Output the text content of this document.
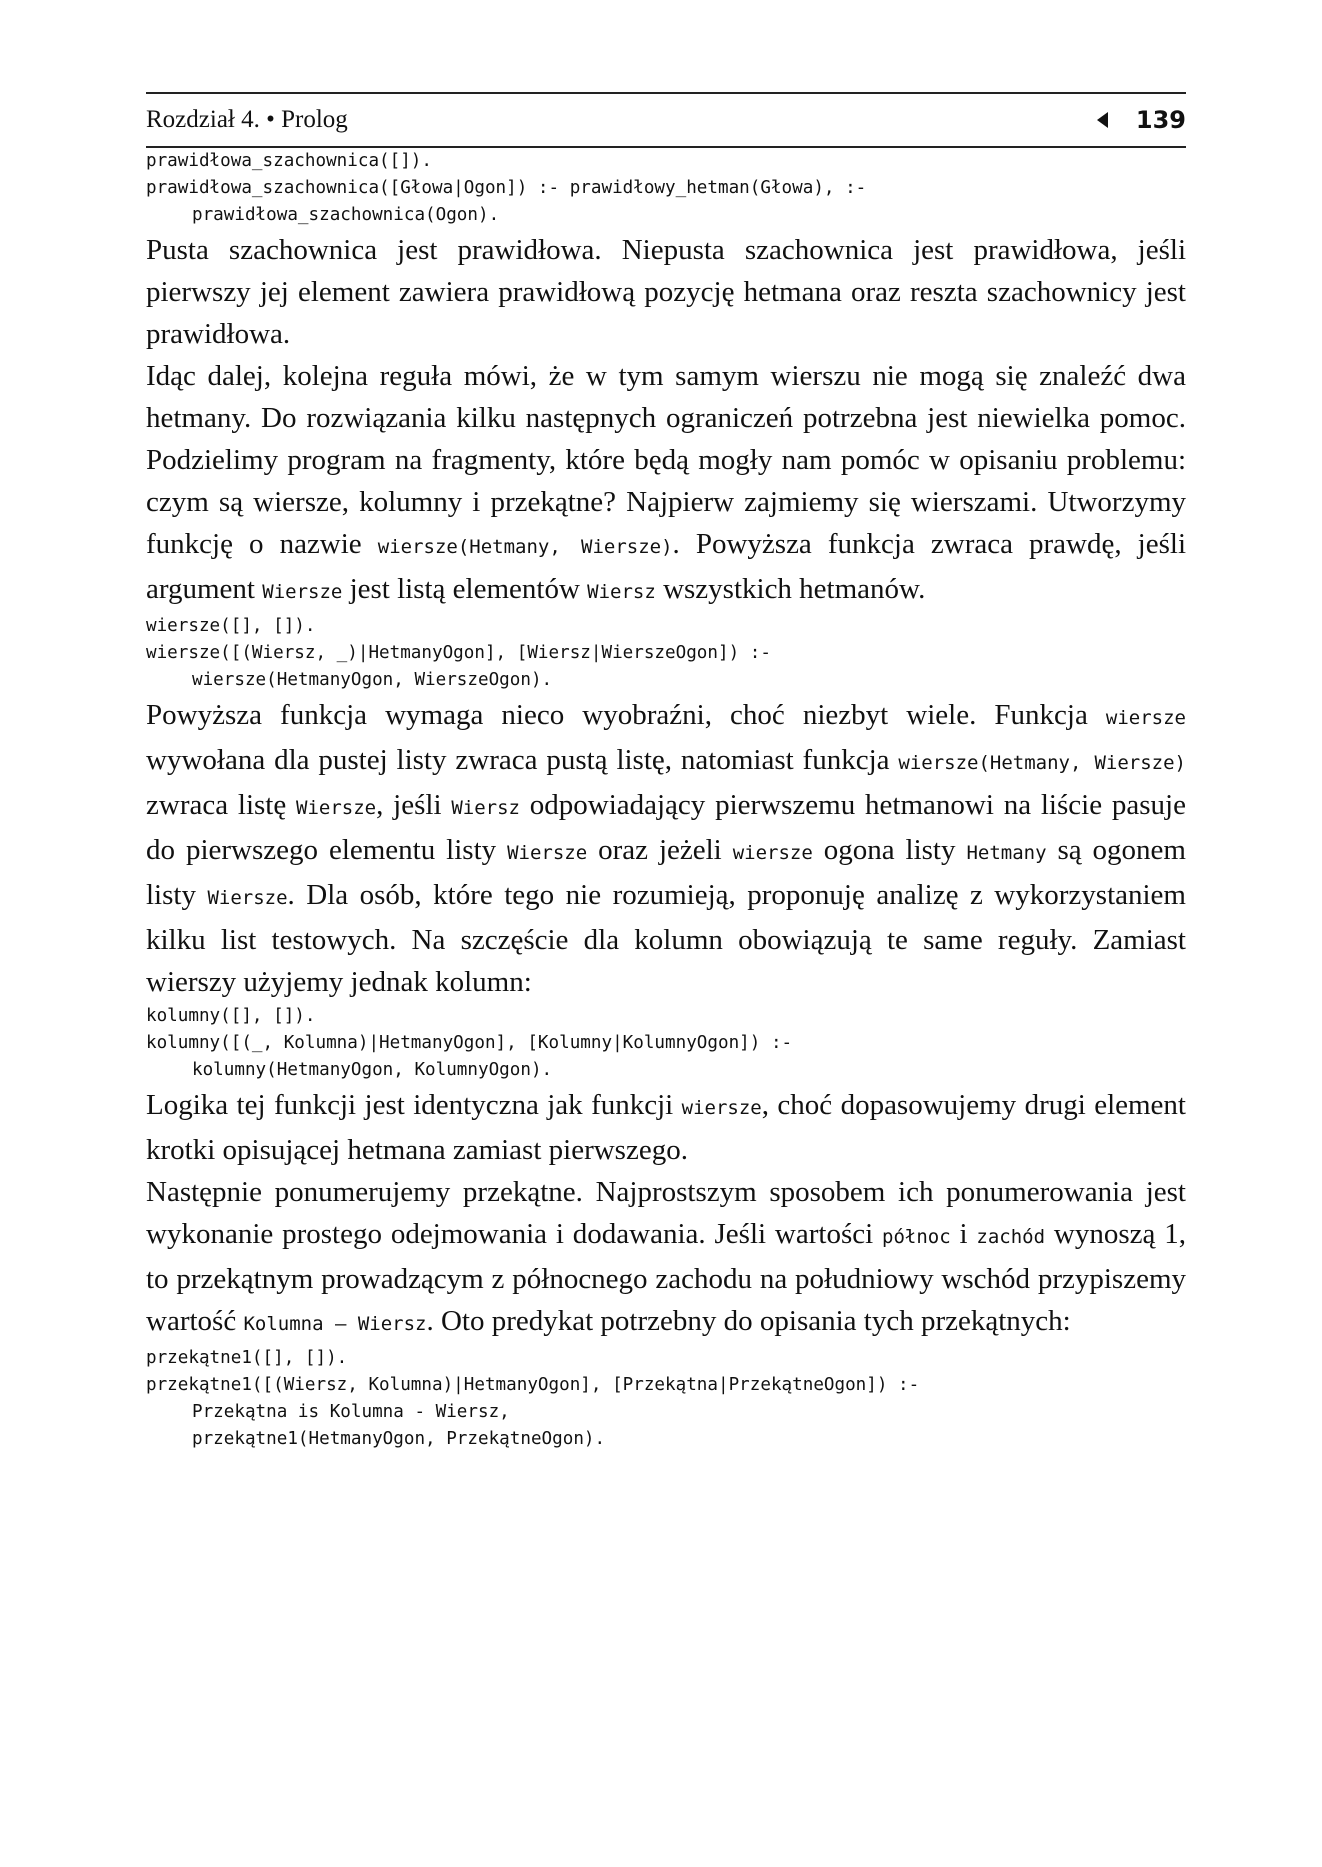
Rozdział 4. • Prolog	139
prawidłowa_szachownica([]).
prawidłowa_szachownica([Głowa|Ogon]) :- prawidłowy_hetman(Głowa), :-
prawidłowa_szachownica(Ogon).

Pusta szachownica jest prawidłowa. Niepusta szachownica jest prawidłowa, jeśli pierwszy jej element zawiera prawidłową pozycję hetmana oraz reszta szachownicy jest prawidłowa.

Idąc dalej, kolejna reguła mówi, że w tym samym wierszu nie mogą się znaleźć dwa hetmany. Do rozwiązania kilku następnych ograniczeń potrzebna jest niewielka pomoc. Podzielimy program na fragmenty, które będą mogły nam pomóc w opisaniu problemu: czym są wiersze, kolumny i przekątne? Najpierw zajmiemy się wierszami. Utworzymy funkcję o nazwie wiersze(Hetmany, Wiersze). Powyższa funkcja zwraca prawdę, jeśli argument Wiersze jest listą elementów Wiersz wszystkich hetmanów.

wiersze([], []).
wiersze([(Wiersz, _)|HetmanyOgon], [Wiersz|WierszeOgon]) :-
wiersze(HetmanyOgon, WierszeOgon).

Powyższa funkcja wymaga nieco wyobraźni, choć niezbyt wiele. Funkcja wiersze wywołana dla pustej listy zwraca pustą listę, natomiast funkcja wiersze(Hetmany, Wiersze) zwraca listę Wiersze, jeśli Wiersz odpowiadający pierwszemu hetmanowi na liście pasuje do pierwszego elementu listy Wiersze oraz jeżeli wiersze ogona listy Hetmany są ogonem listy Wiersze. Dla osób, które tego nie rozumieją, proponuję analizę z wykorzystaniem kilku list testowych. Na szczęście dla kolumn obowiązują te same reguły. Zamiast wierszy użyjemy jednak kolumn:

kolumny([], []).
kolumny([(_, Kolumna)|HetmanyOgon], [Kolumny|KolumnyOgon]) :-
kolumny(HetmanyOgon, KolumnyOgon).

Logika tej funkcji jest identyczna jak funkcji wiersze, choć dopasowujemy drugi element krotki opisującej hetmana zamiast pierwszego.

Następnie ponumerujemy przekątne. Najprostszym sposobem ich ponumerowania jest wykonanie prostego odejmowania i dodawania. Jeśli wartości północ i zachód wynoszą 1, to przekątnym prowadzącym z północnego zachodu na południowy wschód przypiszemy wartość Kolumna – Wiersz. Oto predykat potrzebny do opisania tych przekątnych:

przekątne1([], []).
przekątne1([(Wiersz, Kolumna)|HetmanyOgon], [Przekątna|PrzekątneOgon]) :-
Przekątna is Kolumna - Wiersz,
przekątne1(HetmanyOgon, PrzekątneOgon).
